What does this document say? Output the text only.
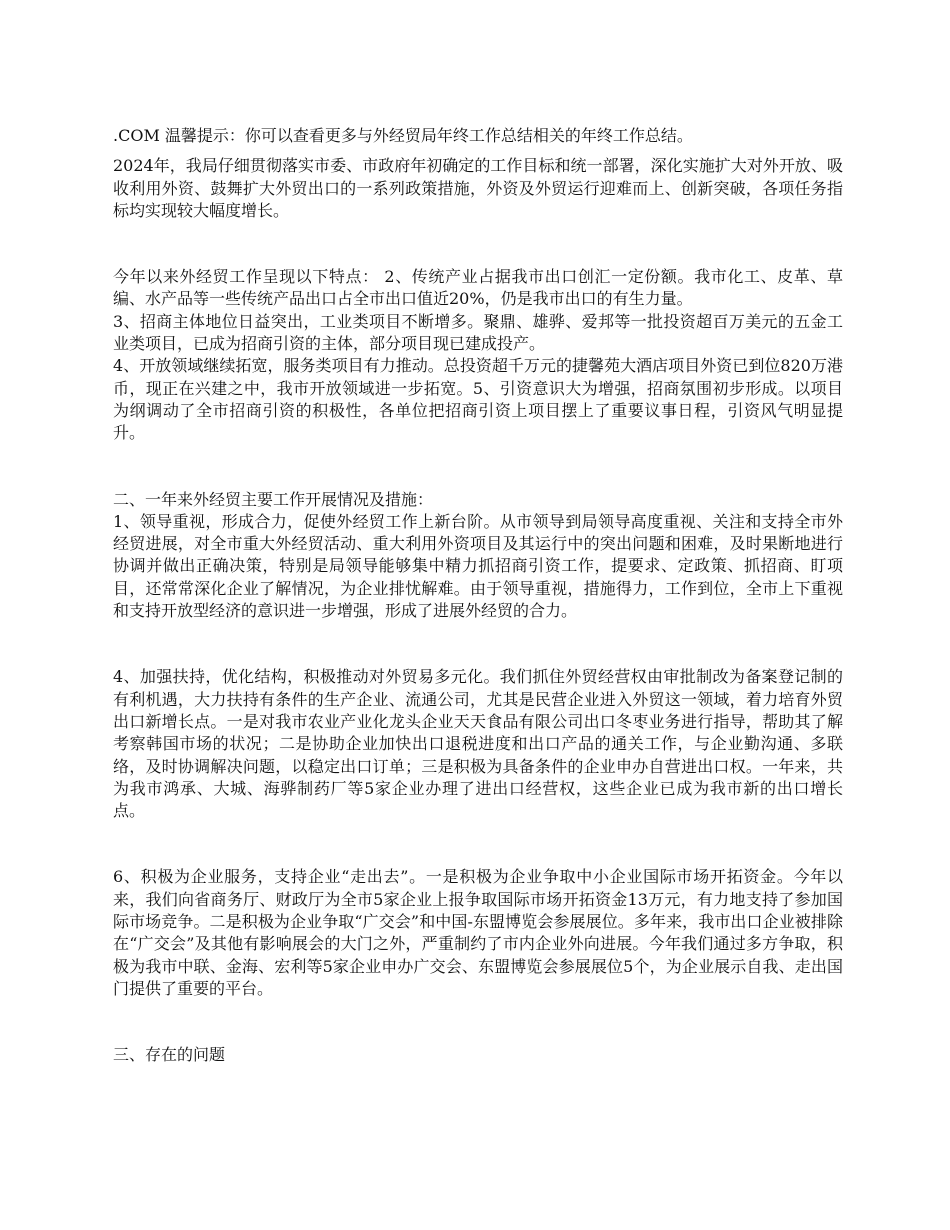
.COM 温馨提示：你可以查看更多与外经贸局年终工作总结相关的年终工作总结。

2024年，我局仔细贯彻落实市委、市政府年初确定的工作目标和统一部署，深化实施扩大对外开放、吸收利用外资、鼓舞扩大外贸出口的一系列政策措施，外资及外贸运行迎难而上、创新突破，各项任务指标均实现较大幅度增长。

今年以来外经贸工作呈现以下特点： 2、传统产业占据我市出口创汇一定份额。我市化工、皮革、草编、水产品等一些传统产品出口占全市出口值近20%，仍是我市出口的有生力量。

3、招商主体地位日益突出，工业类项目不断增多。聚鼎、雄骅、爱邦等一批投资超百万美元的五金工业类项目，已成为招商引资的主体，部分项目现已建成投产。

4、开放领域继续拓宽，服务类项目有力推动。总投资超千万元的捷馨苑大酒店项目外资已到位820万港币，现正在兴建之中，我市开放领域进一步拓宽。5、引资意识大为增强，招商氛围初步形成。以项目为纲调动了全市招商引资的积极性，各单位把招商引资上项目摆上了重要议事日程，引资风气明显提升。

二、一年来外经贸主要工作开展情况及措施：

1、领导重视，形成合力，促使外经贸工作上新台阶。从市领导到局领导高度重视、关注和支持全市外经贸进展，对全市重大外经贸活动、重大利用外资项目及其运行中的突出问题和困难，及时果断地进行协调并做出正确决策，特别是局领导能够集中精力抓招商引资工作，提要求、定政策、抓招商、盯项目，还常常深化企业了解情况，为企业排忧解难。由于领导重视，措施得力，工作到位，全市上下重视和支持开放型经济的意识进一步增强，形成了进展外经贸的合力。

4、加强扶持，优化结构，积极推动对外贸易多元化。我们抓住外贸经营权由审批制改为备案登记制的有利机遇，大力扶持有条件的生产企业、流通公司，尤其是民营企业进入外贸这一领域，着力培育外贸出口新增长点。一是对我市农业产业化龙头企业天天食品有限公司出口冬枣业务进行指导，帮助其了解考察韩国市场的状况；二是协助企业加快出口退税进度和出口产品的通关工作，与企业勤沟通、多联络，及时协调解决问题，以稳定出口订单；三是积极为具备条件的企业申办自营进出口权。一年来，共为我市鸿承、大城、海骅制药厂等5家企业办理了进出口经营权，这些企业已成为我市新的出口增长点。

6、积极为企业服务，支持企业“走出去”。一是积极为企业争取中小企业国际市场开拓资金。今年以来，我们向省商务厅、财政厅为全市5家企业上报争取国际市场开拓资金13万元，有力地支持了参加国际市场竞争。二是积极为企业争取“广交会”和中国-东盟博览会参展展位。多年来，我市出口企业被排除在“广交会”及其他有影响展会的大门之外，严重制约了市内企业外向进展。今年我们通过多方争取，积极为我市中联、金海、宏利等5家企业申办广交会、东盟博览会参展展位5个，为企业展示自我、走出国门提供了重要的平台。

三、存在的问题
